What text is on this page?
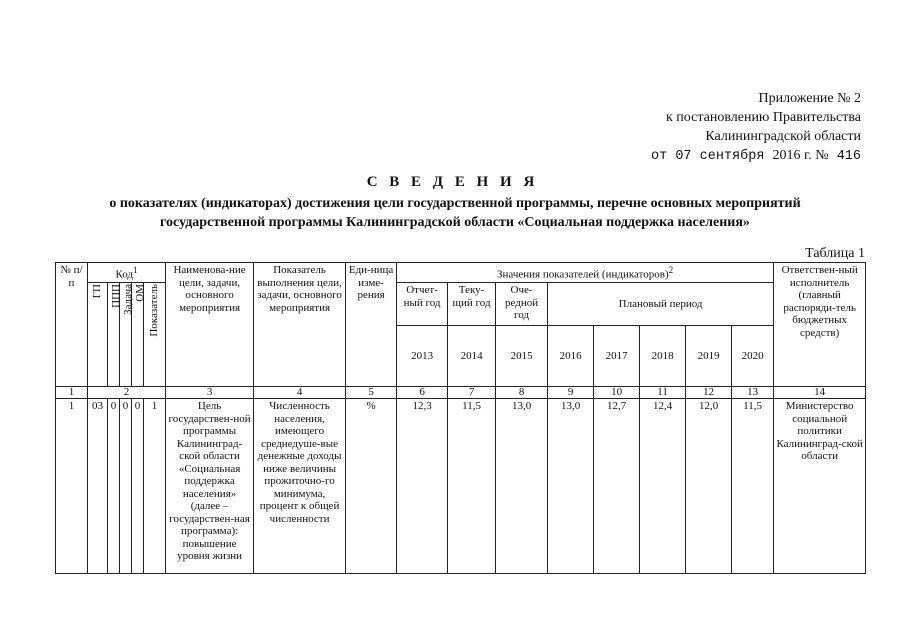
Приложение № 2
к постановлению Правительства
Калининградской области
от 07 сентября 2016 г. № 416
С В Е Д Е Н И Я
о показателях (индикаторах) достижения цели государственной программы, перечне основных мероприятий
государственной программы Калининградской области «Социальная поддержка населения»
Таблица 1
№ п/п	Код$^1$					Наименова-ние цели, задачи, основного мероприятия	Показатель выполнения цели, задачи, основного мероприятия	Еди-ница изме-рения	Значения показателей (индикаторов)$^2$								Ответствен-ный исполнитель (главный распоряди-тель бюджетных средств)

	ГП	ППП	Задача	ОМ	Показатель				Отчет-ный год	Теку-щий год	Оче-редной год	Плановый период					
									2013	2014	2015	2016	2017	2018	2019	2020	
1	2					3	4	5	6	7	8	9	10	11	12	13	14
1	03	0	0	0	1	Цель государствен-ной программы Калининград-ской области «Социальная поддержка населения» (далее – государствен-ная программа): повышение уровня жизни	Численность населения, имеющего среднедуше-вые денежные доходы ниже величины прожиточно-го минимума, процент к общей численности	%	12,3	11,5	13,0	13,0	12,7	12,4	12,0	11,5	Министерство социальной политики Калининград-ской области
